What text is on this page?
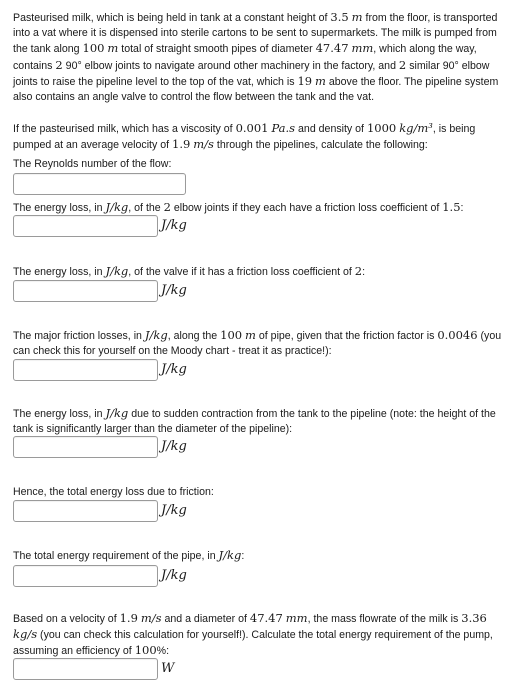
Pasteurised milk, which is being held in tank at a constant height of 3.5 m from the floor, is transported into a vat where it is dispensed into sterile cartons to be sent to supermarkets. The milk is pumped from the tank along 100 m total of straight smooth pipes of diameter 47.47 mm, which along the way, contains 2 90° elbow joints to navigate around other machinery in the factory, and 2 similar 90° elbow joints to raise the pipeline level to the top of the vat, which is 19 m above the floor. The pipeline system also contains an angle valve to control the flow between the tank and the vat.
If the pasteurised milk, which has a viscosity of 0.001 Pa.s and density of 1000 kg/m³, is being pumped at an average velocity of 1.9 m/s through the pipelines, calculate the following:
The Reynolds number of the flow:
The energy loss, in J/kg, of the 2 elbow joints if they each have a friction loss coefficient of 1.5:
J/kg
The energy loss, in J/kg, of the valve if it has a friction loss coefficient of 2:
J/kg
The major friction losses, in J/kg, along the 100 m of pipe, given that the friction factor is 0.0046 (you can check this for yourself on the Moody chart - treat it as practice!):
J/kg
The energy loss, in J/kg due to sudden contraction from the tank to the pipeline (note: the height of the tank is significantly larger than the diameter of the pipeline):
J/kg
Hence, the total energy loss due to friction:
J/kg
The total energy requirement of the pipe, in J/kg:
J/kg
Based on a velocity of 1.9 m/s and a diameter of 47.47 mm, the mass flowrate of the milk is 3.36 kg/s (you can check this calculation for yourself!). Calculate the total energy requirement of the pump, assuming an efficiency of 100%:
W
